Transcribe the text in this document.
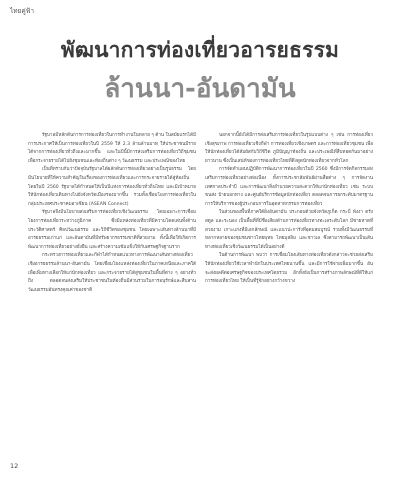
ไทยคู่ฟ้า
พัฒนาการท่องเที่ยวอารยธรรม
ล้านนา-อันดามัน

รัฐบาลมีหลักดันการการท่องเที่ยวในการทำงานในหลาย ๆ ด้าน ในสมัยแรกได้มีการประกาศให้เป็นการท่องเที่ยวในปี 2559 ให้ 2.3 ล้านล้านบาท ให้ประชาชนมีรายได้จากการท่องเที่ยวทั่วถึงและมากขึ้น และในปีนี้มีการส่งเสริมการท่องเที่ยววิถีชุมชนเพื่อกระจายรายได้ไปยังชุมชนและท้องถิ่นต่าง ๆ วัฒนธรรม และประเพณีของไทย

เป็นที่ทราบกันว่าปัจจุบันรัฐบาลได้ผลักดันการท่องเที่ยวอย่างเป็นรูปธรรม โดยมีนโยบายที่ให้ความสำคัญในเรื่องของการท่องเที่ยวและการกระจายรายได้สู่ท้องถิ่น โดยในปี 2560 รัฐบาลได้กำหนดให้เป็นปีแห่งการท่องเที่ยวทั่วถิ่นไทย และมีเป้าหมายให้นักท่องเที่ยวเดินทางไปยังจังหวัดเมืองรองมากขึ้น รวมทั้งเชื่อมโยงการท่องเที่ยวในกลุ่มประเทศประชาคมอาเซียน (ASEAN Connect)

รัฐบาลจึงมีนโยบายส่งเสริมการท่องเที่ยวเชิงวัฒนธรรม โดยเฉพาะการเชื่อมโยงการท่องเที่ยวระหว่างภูมิภาค ซึ่งมีแหล่งท่องเที่ยวที่มีความโดดเด่นทั้งด้านประวัติศาสตร์ ศิลปวัฒนธรรม และวิถีชีวิตของชุมชน โดยเฉพาะเส้นทางล้านนาที่มีอารยธรรมเก่าแก่ และอันดามันที่มีทรัพยากรธรรมชาติที่สวยงาม ทั้งนี้เพื่อให้เกิดการพัฒนาการท่องเที่ยวอย่างยั่งยืน และสร้างความเข้มแข็งให้กับเศรษฐกิจฐานราก

กระทรวงการท่องเที่ยวและกีฬาได้กำหนดแนวทางการพัฒนาเส้นทางท่องเที่ยวเชิงอารยธรรมล้านนา-อันดามัน โดยเชื่อมโยงแหล่งท่องเที่ยวในภาคเหนือและภาคใต้ เพื่อเพิ่มทางเลือกให้แก่นักท่องเที่ยว และกระจายรายได้สู่ชุมชนในพื้นที่ต่าง ๆ อย่างทั่วถึง ตลอดจนส่งเสริมให้ประชาชนในท้องถิ่นมีส่วนร่วมในการอนุรักษ์และสืบสานวัฒนธรรมอันทรงคุณค่าของชาติ

นอกจากนี้ยังได้มีการส่งเสริมการท่องเที่ยวในรูปแบบต่าง ๆ เช่น การท่องเที่ยวเชิงสุขภาพ การท่องเที่ยวเชิงกีฬา การท่องเที่ยวเชิงเกษตร และการท่องเที่ยวชุมชน เพื่อให้นักท่องเที่ยวได้สัมผัสกับวิถีชีวิต ภูมิปัญญาท้องถิ่น และประเพณีที่สืบทอดกันมาอย่างยาวนาน ซึ่งเป็นเสน่ห์ของการท่องเที่ยวไทยที่ดึงดูดนักท่องเที่ยวจากทั่วโลก

การจัดทำแผนปฏิบัติการพัฒนาการท่องเที่ยวในปี 2560 ซึ่งมีการจัดกิจกรรมส่งเสริมการท่องเที่ยวอย่างต่อเนื่อง ทั้งการประชาสัมพันธ์ผ่านสื่อต่าง ๆ การจัดงานเทศกาลประจำปี และการพัฒนาสิ่งอำนวยความสะดวกให้แก่นักท่องเที่ยว เช่น ระบบขนส่ง ป้ายบอกทาง และศูนย์บริการข้อมูลนักท่องเที่ยว ตลอดจนการยกระดับมาตรฐานการให้บริการของผู้ประกอบการในอุตสาหกรรมการท่องเที่ยว

ในส่วนของพื้นที่ภาคใต้ฝั่งอันดามัน ประกอบด้วยจังหวัดภูเก็ต กระบี่ พังงา ตรัง สตูล และระนอง เป็นพื้นที่ที่มีชื่อเสียงด้านการท่องเที่ยวทางทะเลระดับโลก มีชายหาดที่สวยงาม เกาะแก่งที่มีเอกลักษณ์ และแนวปะการังที่อุดมสมบูรณ์ รวมทั้งมีวัฒนธรรมที่หลากหลายของชุมชนชาวไทยพุทธ ไทยมุสลิม และชาวเล ซึ่งสามารถพัฒนาเป็นเส้นทางท่องเที่ยวเชิงวัฒนธรรมได้เป็นอย่างดี

ในด้านการพัฒนา พบว่า การเชื่อมโยงเส้นทางท่องเที่ยวดังกล่าวจะช่วยส่งเสริมให้นักท่องเที่ยวใช้เวลาพำนักในประเทศไทยนานขึ้น และมีการใช้จ่ายเพิ่มมากขึ้น อันจะส่งผลดีต่อเศรษฐกิจของประเทศโดยรวม อีกทั้งยังเป็นการสร้างภาพลักษณ์ที่ดีให้แก่การท่องเที่ยวไทย ให้เป็นที่รู้จักอย่างกว้างขวาง

12
